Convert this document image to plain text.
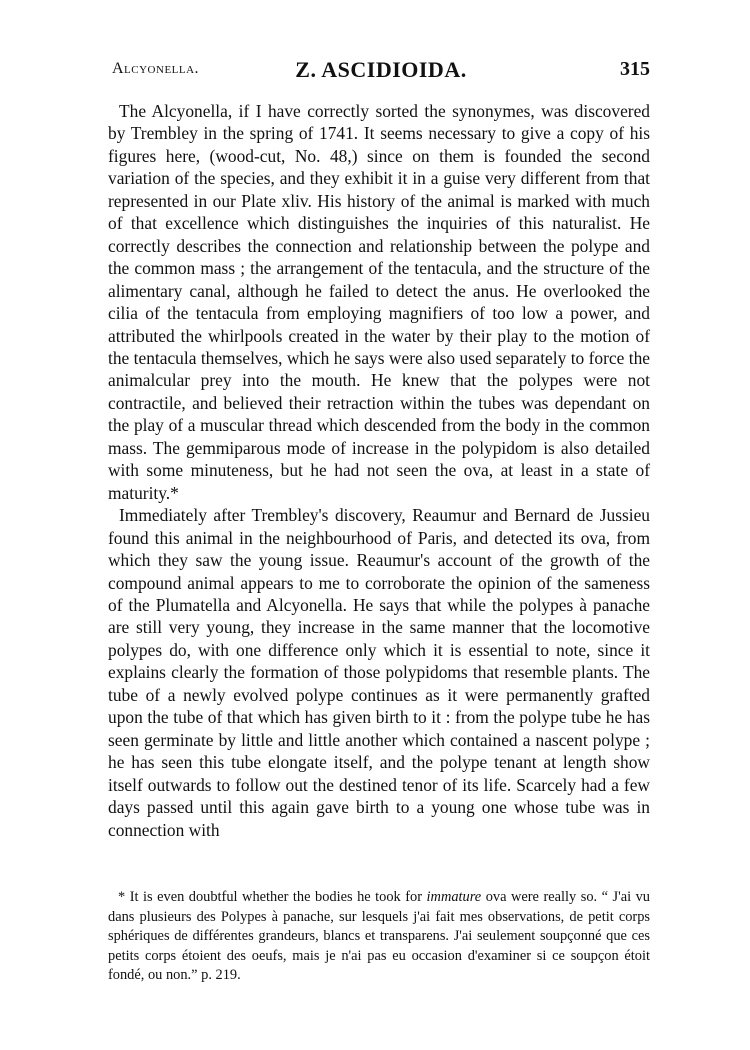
Alcyonella.	Z. ASCIDIOIDA.	315

The Alcyonella, if I have correctly sorted the synonymes, was discovered by Trembley in the spring of 1741. It seems necessary to give a copy of his figures here, (wood-cut, No. 48,) since on them is founded the second variation of the species, and they exhibit it in a guise very different from that represented in our Plate xliv. His history of the animal is marked with much of that excellence which distinguishes the inquiries of this naturalist. He correctly describes the connection and relationship between the polype and the common mass ; the arrangement of the tentacula, and the structure of the alimentary canal, although he failed to detect the anus. He overlooked the cilia of the tentacula from employing magnifiers of too low a power, and attributed the whirlpools created in the water by their play to the motion of the tentacula themselves, which he says were also used separately to force the animalcular prey into the mouth. He knew that the polypes were not contractile, and believed their retraction within the tubes was dependant on the play of a muscular thread which descended from the body in the common mass. The gemmiparous mode of increase in the polypidom is also detailed with some minuteness, but he had not seen the ova, at least in a state of maturity.*

Immediately after Trembley's discovery, Reaumur and Bernard de Jussieu found this animal in the neighbourhood of Paris, and detected its ova, from which they saw the young issue. Reaumur's account of the growth of the compound animal appears to me to corroborate the opinion of the sameness of the Plumatella and Alcyonella. He says that while the polypes à panache are still very young, they increase in the same manner that the locomotive polypes do, with one difference only which it is essential to note, since it explains clearly the formation of those polypidoms that resemble plants. The tube of a newly evolved polype continues as it were permanently grafted upon the tube of that which has given birth to it : from the polype tube he has seen germinate by little and little another which contained a nascent polype ; he has seen this tube elongate itself, and the polype tenant at length show itself outwards to follow out the destined tenor of its life. Scarcely had a few days passed until this again gave birth to a young one whose tube was in connection with

* It is even doubtful whether the bodies he took for immature ova were really so. “ J'ai vu dans plusieurs des Polypes à panache, sur lesquels j'ai fait mes observations, de petit corps sphériques de différentes grandeurs, blancs et transparens. J'ai seulement soupçonné que ces petits corps étoient des oeufs, mais je n'ai pas eu occasion d'examiner si ce soupçon étoit fondé, ou non.” p. 219.
